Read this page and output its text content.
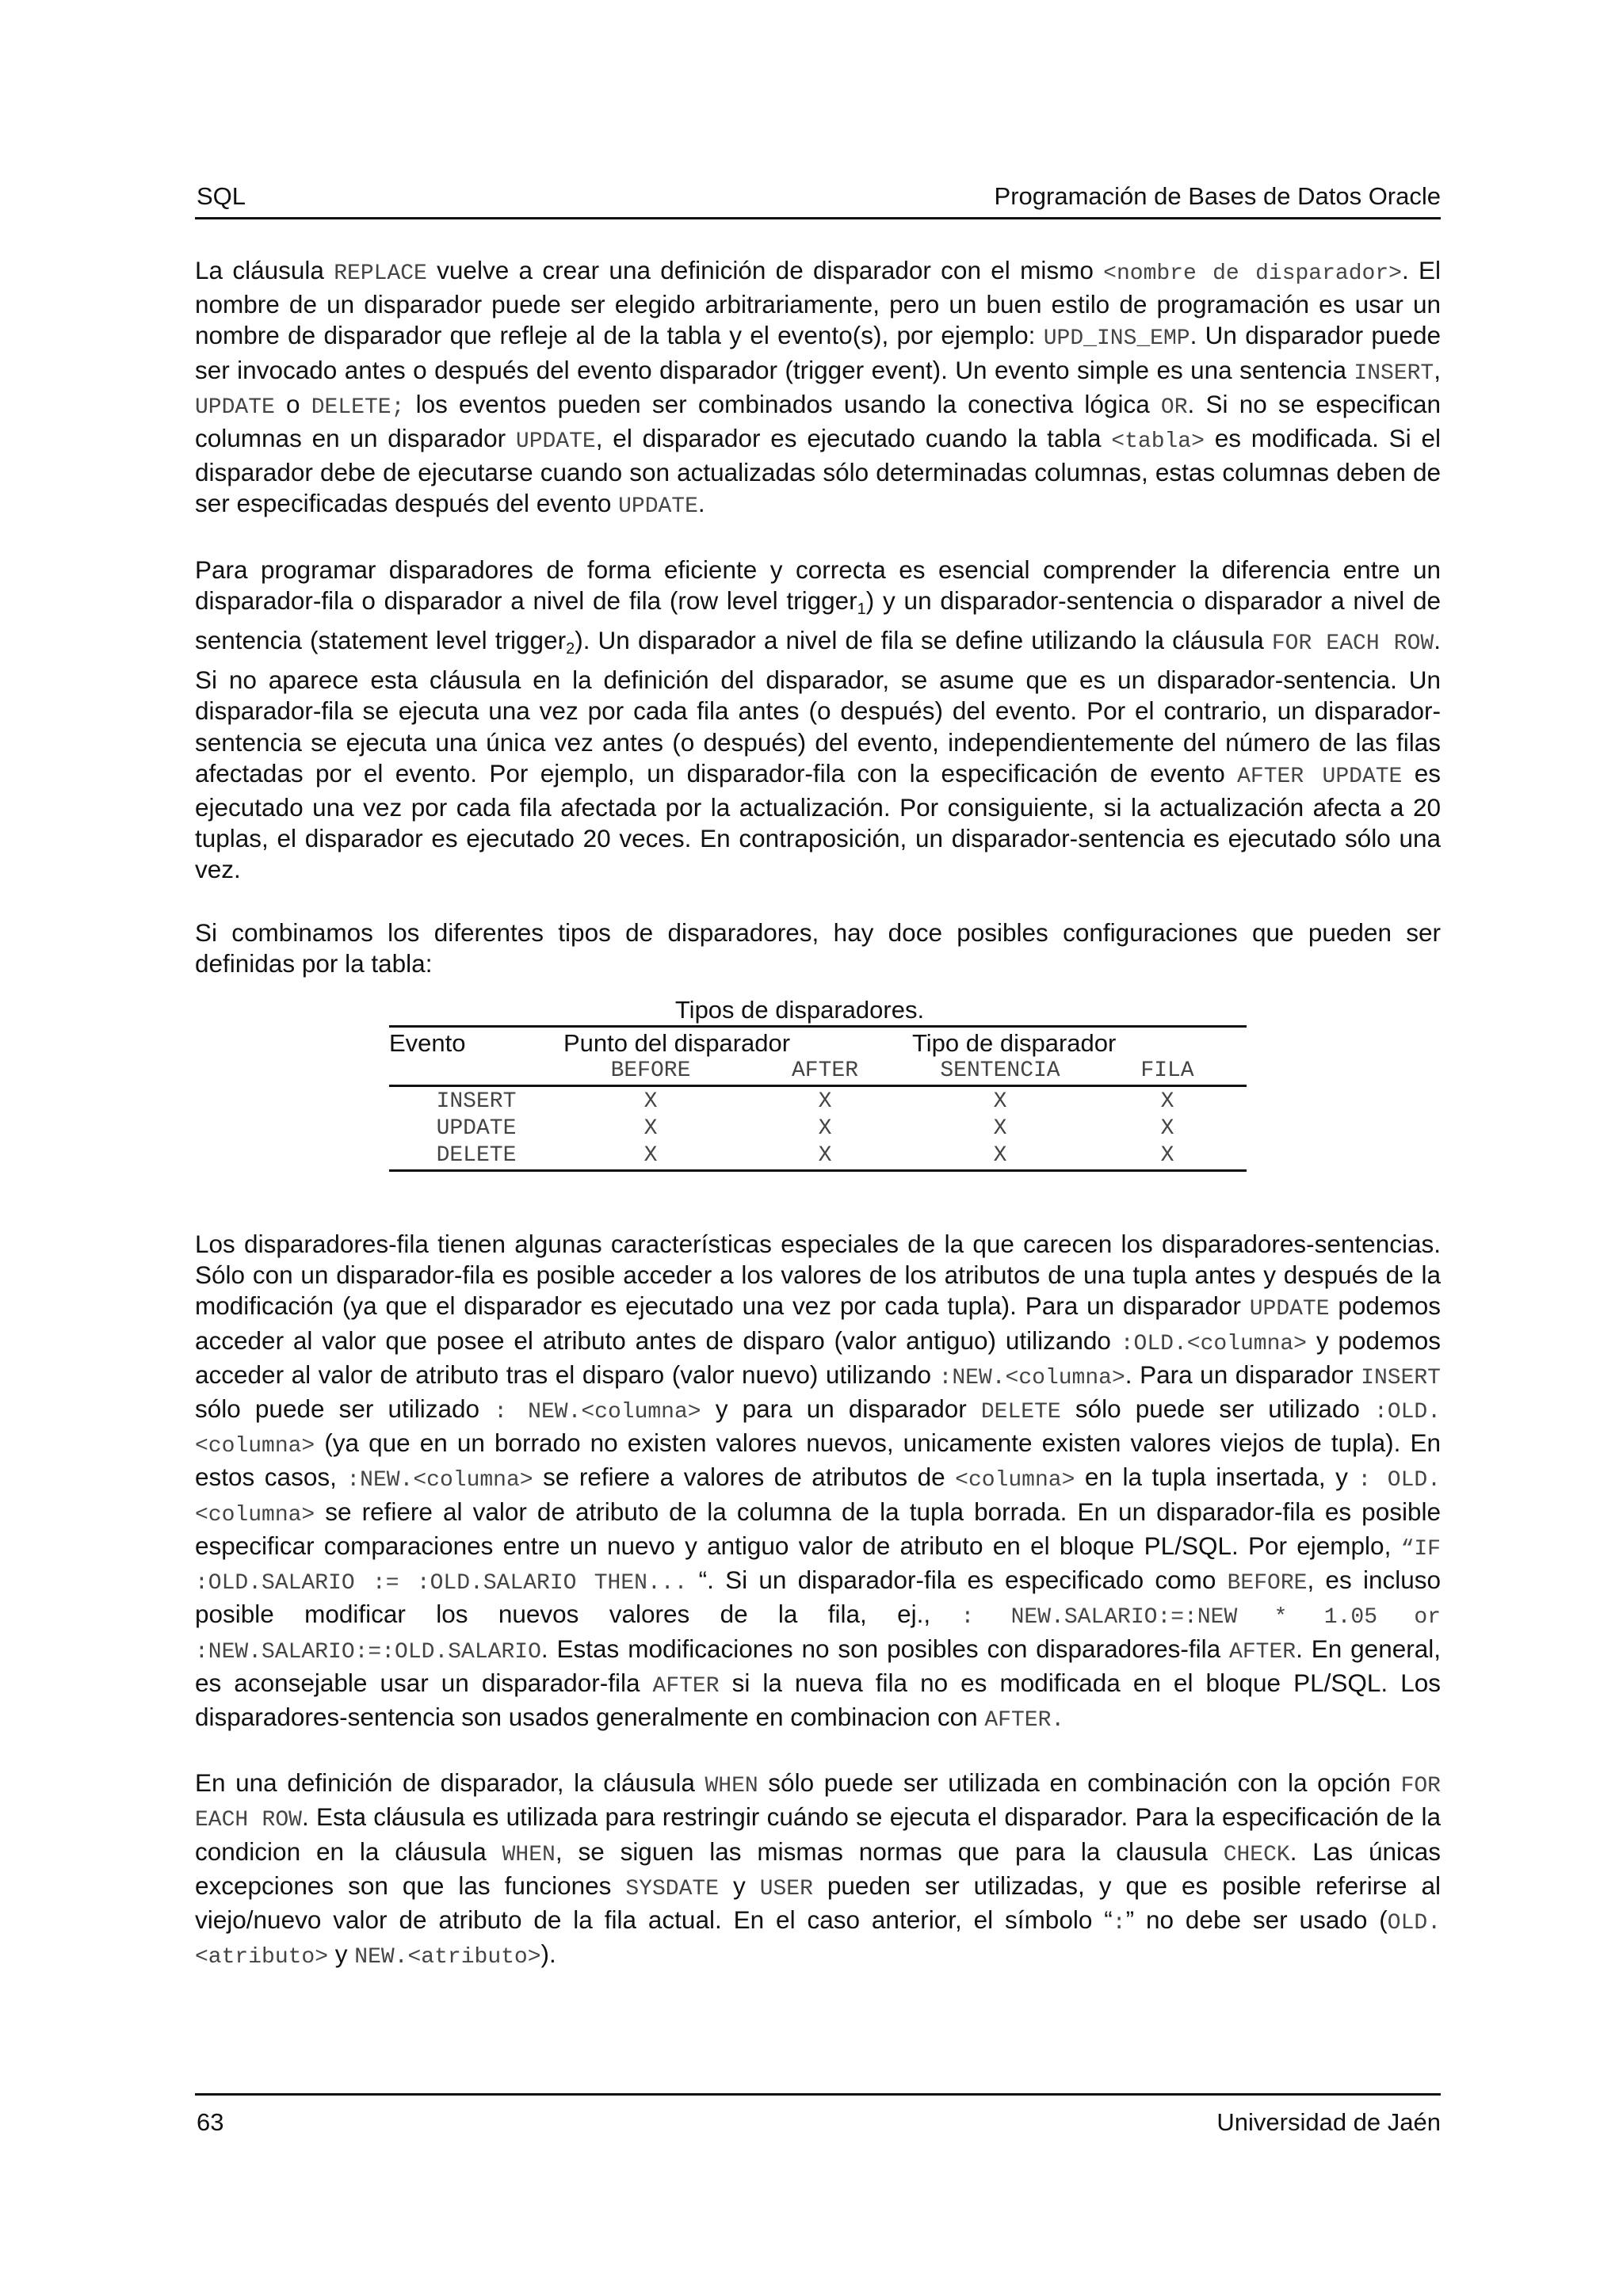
SQL	Programación de Bases de Datos Oracle

La cláusula REPLACE vuelve a crear una definición de disparador con el mismo <nombre de disparador>. El nombre de un disparador puede ser elegido arbitrariamente, pero un buen estilo de programación es usar un nombre de disparador que refleje al de la tabla y el evento(s), por ejemplo: UPD_INS_EMP. Un disparador puede ser invocado antes o después del evento disparador (trigger event). Un evento simple es una sentencia INSERT, UPDATE o DELETE; los eventos pueden ser combinados usando la conectiva lógica OR. Si no se especifican columnas en un disparador UPDATE, el disparador es ejecutado cuando la tabla <tabla> es modificada. Si el disparador debe de ejecutarse cuando son actualizadas sólo determinadas columnas, estas columnas deben de ser especificadas después del evento UPDATE.

Para programar disparadores de forma eficiente y correcta es esencial comprender la diferencia entre un disparador-fila o disparador a nivel de fila (row level trigger$_1$) y un disparador-sentencia o disparador a nivel de sentencia (statement level trigger$_2$). Un disparador a nivel de fila se define utilizando la cláusula FOR EACH ROW. Si no aparece esta cláusula en la definición del disparador, se asume que es un disparador-sentencia. Un disparador-fila se ejecuta una vez por cada fila antes (o después) del evento. Por el contrario, un disparador-sentencia se ejecuta una única vez antes (o después) del evento, independientemente del número de las filas afectadas por el evento. Por ejemplo, un disparador-fila con la especificación de evento AFTER UPDATE es ejecutado una vez por cada fila afectada por la actualización. Por consiguiente, si la actualización afecta a 20 tuplas, el disparador es ejecutado 20 veces. En contraposición, un disparador-sentencia es ejecutado sólo una vez.

Si combinamos los diferentes tipos de disparadores, hay doce posibles configuraciones que pueden ser definidas por la tabla:

Tipos de disparadores.
Evento	Punto del disparador		Tipo de disparador	
	BEFORE	AFTER	SENTENCIA	FILA
INSERT	X	X	X	X
UPDATE	X	X	X	X
DELETE	X	X	X	X

Los disparadores-fila tienen algunas características especiales de la que carecen los disparadores-sentencias. Sólo con un disparador-fila es posible acceder a los valores de los atributos de una tupla antes y después de la modificación (ya que el disparador es ejecutado una vez por cada tupla). Para un disparador UPDATE podemos acceder al valor que posee el atributo antes de disparo (valor antiguo) utilizando :OLD.<columna> y podemos acceder al valor de atributo tras el disparo (valor nuevo) utilizando :NEW.<columna>. Para un disparador INSERT sólo puede ser utilizado : NEW.<columna> y para un disparador DELETE sólo puede ser utilizado :OLD.<columna> (ya que en un borrado no existen valores nuevos, unicamente existen valores viejos de tupla). En estos casos, :NEW.<columna> se refiere a valores de atributos de <columna> en la tupla insertada, y : OLD.<columna> se refiere al valor de atributo de la columna de la tupla borrada. En un disparador-fila es posible especificar comparaciones entre un nuevo y antiguo valor de atributo en el bloque PL/SQL. Por ejemplo, “IF :OLD.SALARIO := :OLD.SALARIO THEN... “. Si un disparador-fila es especificado como BEFORE, es incluso posible modificar los nuevos valores de la fila, ej., : NEW.SALARIO:=:NEW * 1.05 or :NEW.SALARIO:=:OLD.SALARIO. Estas modificaciones no son posibles con disparadores-fila AFTER. En general, es aconsejable usar un disparador-fila AFTER si la nueva fila no es modificada en el bloque PL/SQL. Los disparadores-sentencia son usados generalmente en combinacion con AFTER.

En una definición de disparador, la cláusula WHEN sólo puede ser utilizada en combinación con la opción FOR EACH ROW. Esta cláusula es utilizada para restringir cuándo se ejecuta el disparador. Para la especificación de la condicion en la cláusula WHEN, se siguen las mismas normas que para la clausula CHECK. Las únicas excepciones son que las funciones SYSDATE y USER pueden ser utilizadas, y que es posible referirse al viejo/nuevo valor de atributo de la fila actual. En el caso anterior, el símbolo “:” no debe ser usado (OLD.<atributo> y NEW.<atributo>).

63	Universidad de Jaén
